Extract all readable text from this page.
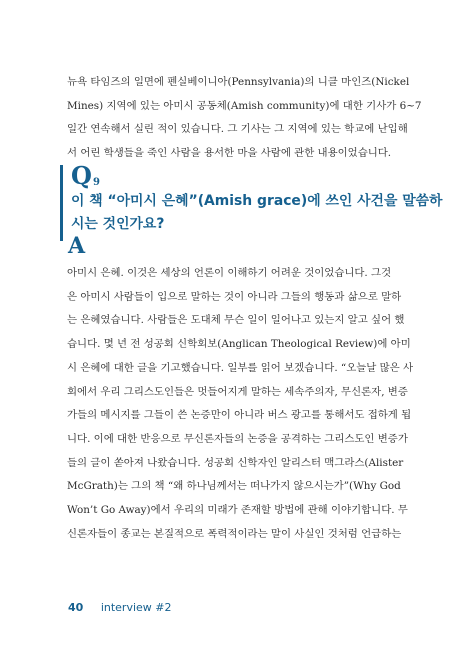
뉴욕 타임즈의 일면에 펜실베이니아(Pennsylvania)의 니클 마인즈(Nickel
Mines) 지역에 있는 아미시 공동체(Amish community)에 대한 기사가 6~7
일간 연속해서 실린 적이 있습니다. 그 기사는 그 지역에 있는 학교에 난입해
서 어린 학생들을 죽인 사람을 용서한 마을 사람에 관한 내용이었습니다.

Q 9

이 책 “아미시 은혜”(Amish grace)에 쓰인 사건을 말씀하
시는 것인가요?

A

아미시 은혜. 이것은 세상의 언론이 이해하기 어려운 것이었습니다. 그것
은 아미시 사람들이 입으로 말하는 것이 아니라 그들의 행동과 삶으로 말하
는 은혜였습니다. 사람들은 도대체 무슨 일이 일어나고 있는지 알고 싶어 했
습니다. 몇 년 전 성공회 신학회보(Anglican Theological Review)에 아미
시 은혜에 대한 글을 기고했습니다. 일부를 읽어 보겠습니다. “오늘날 많은 사
회에서 우리 그리스도인들은 멋들어지게 말하는 세속주의자, 무신론자, 변증
가들의 메시지를 그들이 쓴 논증만이 아니라 버스 광고를 통해서도 접하게 됩
니다. 이에 대한 반응으로 무신론자들의 논증을 공격하는 그리스도인 변증가
들의 글이 쏟아져 나왔습니다. 성공회 신학자인 알리스터 맥그라스(Alister
McGrath)는 그의 책 “왜 하나님께서는 떠나가지 않으시는가”(Why God
Won’t Go Away)에서 우리의 미래가 존재할 방법에 관해 이야기합니다. 무
신론자들이 종교는 본질적으로 폭력적이라는 말이 사실인 것처럼 언급하는

40 interview #2
